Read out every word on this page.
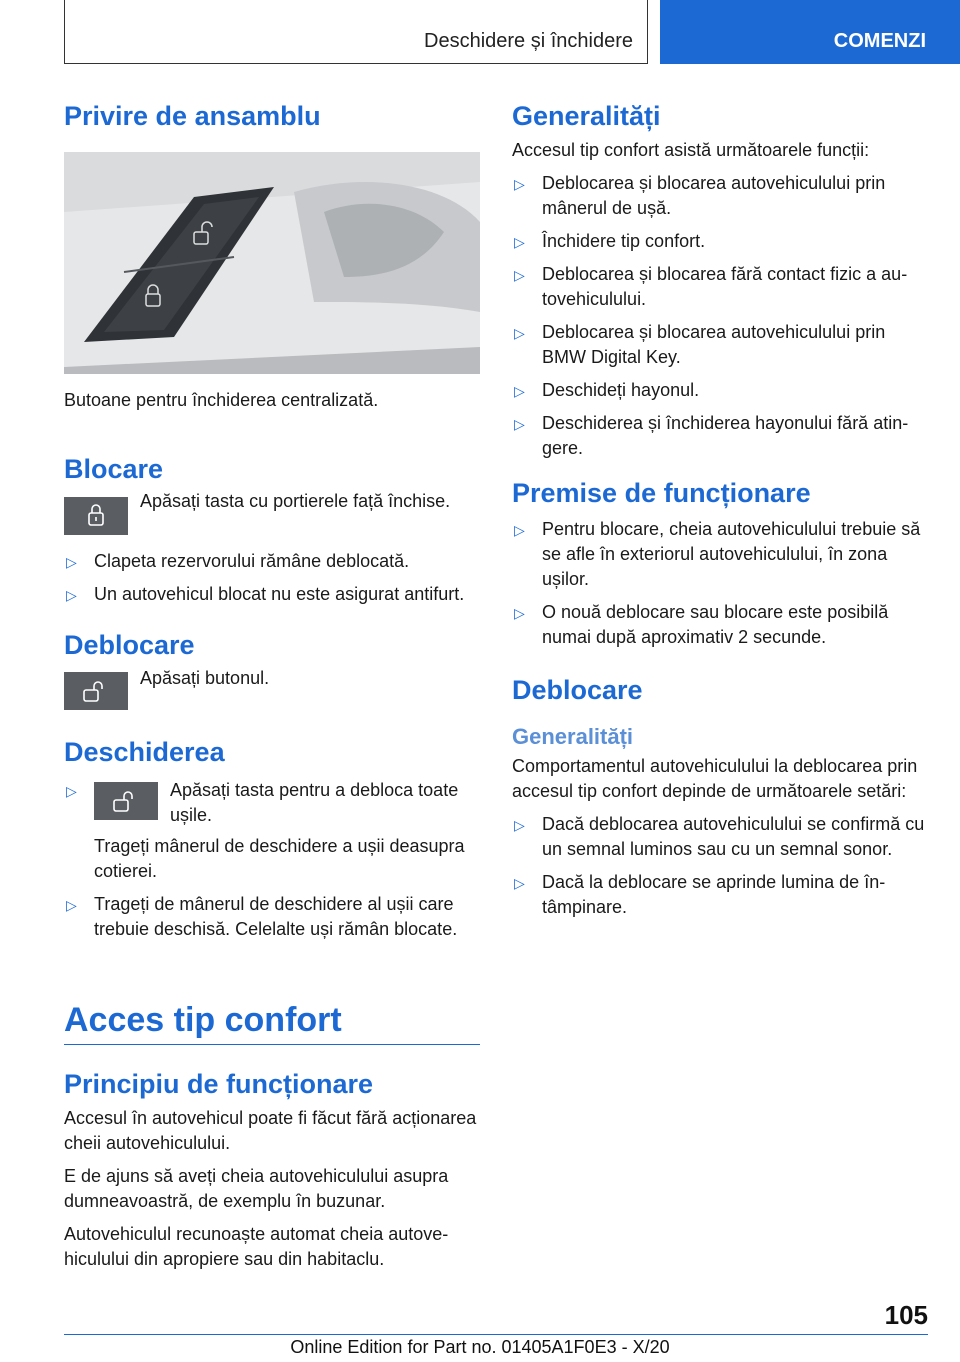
Deschidere și închidere	COMENZI
Privire de ansamblu

Butoane pentru închiderea centralizată.

Blocare

Apăsați tasta cu portierele față închise.

▷ Clapeta rezervorului rămâne deblocată.
▷ Un autovehicul blocat nu este asigurat antifurt.
Deblocare

Apăsați butonul.

Deschiderea
▷	Apăsați tasta pentru a debloca toate ușile.
Trageți mânerul de deschidere a ușii deasupra cotierei.
▷ Trageți de mânerul de deschidere al ușii care trebuie deschisă. Celelalte uși rămân blocate.
Acces tip confort
Principiu de funcționare

Accesul în autovehicul poate fi făcut fără acționarea cheii autovehiculului.

E de ajuns să aveți cheia autovehiculului asupra dumneavoastră, de exemplu în buzunar.

Autovehiculul recunoaște automat cheia autovehiculului din apropiere sau din habitaclu.

Generalități

Accesul tip confort asistă următoarele funcții:

▷ Deblocarea și blocarea autovehiculului prin mânerul de ușă.
▷ Închidere tip confort.
▷ Deblocarea și blocarea fără contact fizic a autovehiculului.
▷ Deblocarea și blocarea autovehiculului prin BMW Digital Key.
▷ Deschideți hayonul.
▷ Deschiderea și închiderea hayonului fără atingere.
Premise de funcționare
▷ Pentru blocare, cheia autovehiculului trebuie să se afle în exteriorul autovehiculului, în zona ușilor.
▷ O nouă deblocare sau blocare este posibilă numai după aproximativ 2 secunde.
Deblocare
Generalități

Comportamentul autovehiculului la deblocarea prin accesul tip confort depinde de următoarele setări:

▷ Dacă deblocarea autovehiculului se confirmă cu un semnal luminos sau cu un semnal sonor.
▷ Dacă la deblocare se aprinde lumina de întâmpinare.
105
Online Edition for Part no. 01405A1F0E3 - X/20
